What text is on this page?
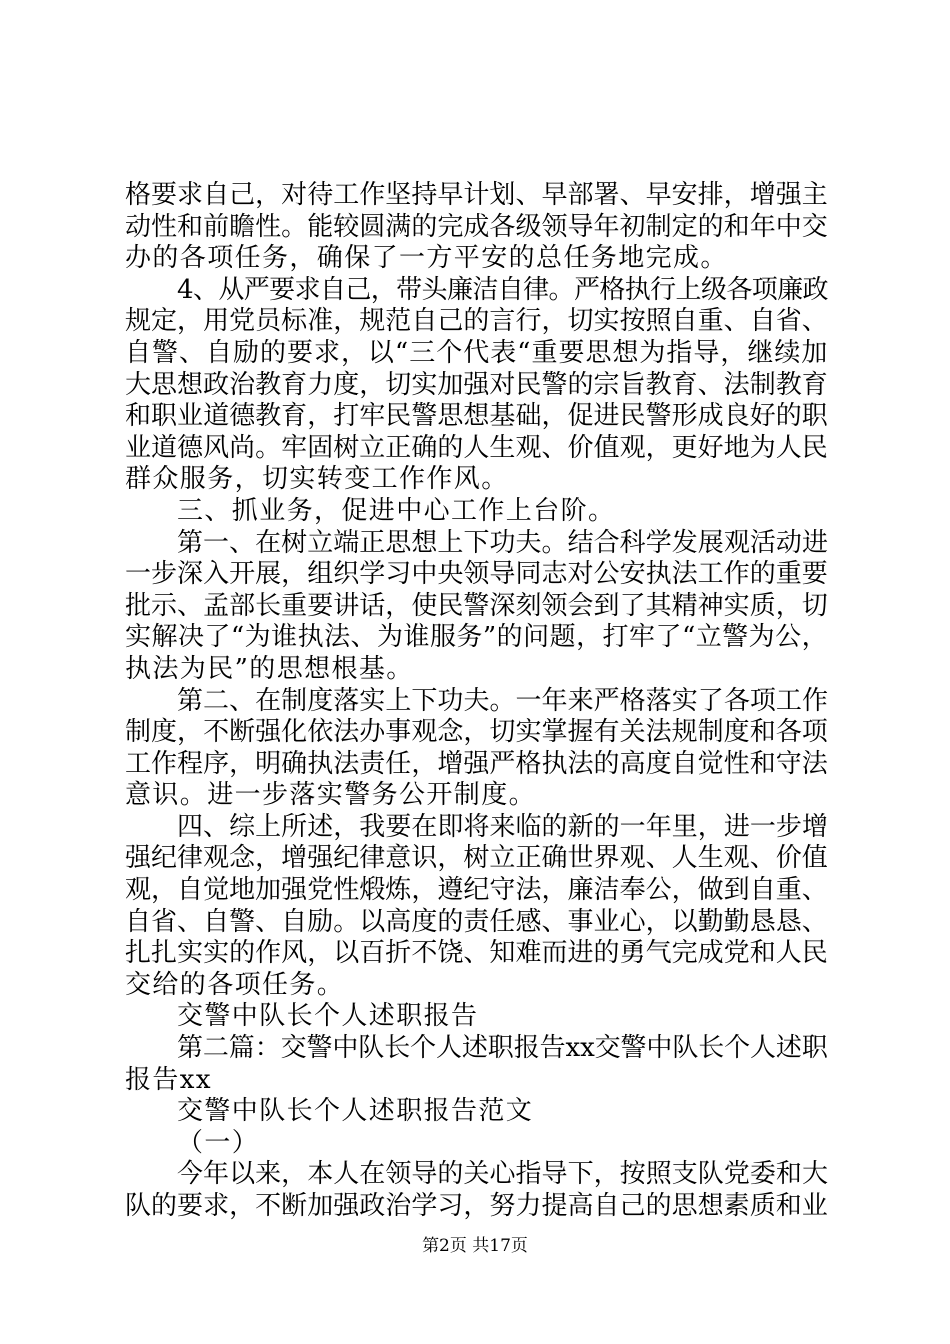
格要求自己，对待工作坚持早计划、早部署、早安排，增强主
动性和前瞻性。能较圆满的完成各级领导年初制定的和年中交
办的各项任务，确保了一方平安的总任务地完成。
4、从严要求自己，带头廉洁自律。严格执行上级各项廉政
规定，用党员标准，规范自己的言行，切实按照自重、自省、
自警、自励的要求，以“三个代表“重要思想为指导，继续加
大思想政治教育力度，切实加强对民警的宗旨教育、法制教育
和职业道德教育，打牢民警思想基础，促进民警形成良好的职
业道德风尚。牢固树立正确的人生观、价值观，更好地为人民
群众服务，切实转变工作作风。
三、抓业务，促进中心工作上台阶。
第一、在树立端正思想上下功夫。结合科学发展观活动进
一步深入开展，组织学习中央领导同志对公安执法工作的重要
批示、孟部长重要讲话，使民警深刻领会到了其精神实质，切
实解决了“为谁执法、为谁服务”的问题，打牢了“立警为公，
执法为民”的思想根基。
第二、在制度落实上下功夫。一年来严格落实了各项工作
制度，不断强化依法办事观念，切实掌握有关法规制度和各项
工作程序，明确执法责任，增强严格执法的高度自觉性和守法
意识。进一步落实警务公开制度。
四、综上所述，我要在即将来临的新的一年里，进一步增
强纪律观念，增强纪律意识，树立正确世界观、人生观、价值
观，自觉地加强党性煅炼，遵纪守法，廉洁奉公，做到自重、
自省、自警、自励。以高度的责任感、事业心，以勤勤恳恳、
扎扎实实的作风，以百折不饶、知难而进的勇气完成党和人民
交给的各项任务。
交警中队长个人述职报告
第二篇：交警中队长个人述职报告xx交警中队长个人述职
报告xx
交警中队长个人述职报告范文
（一）
今年以来，本人在领导的关心指导下，按照支队党委和大
队的要求，不断加强政治学习，努力提高自己的思想素质和业
第2页 共17页
